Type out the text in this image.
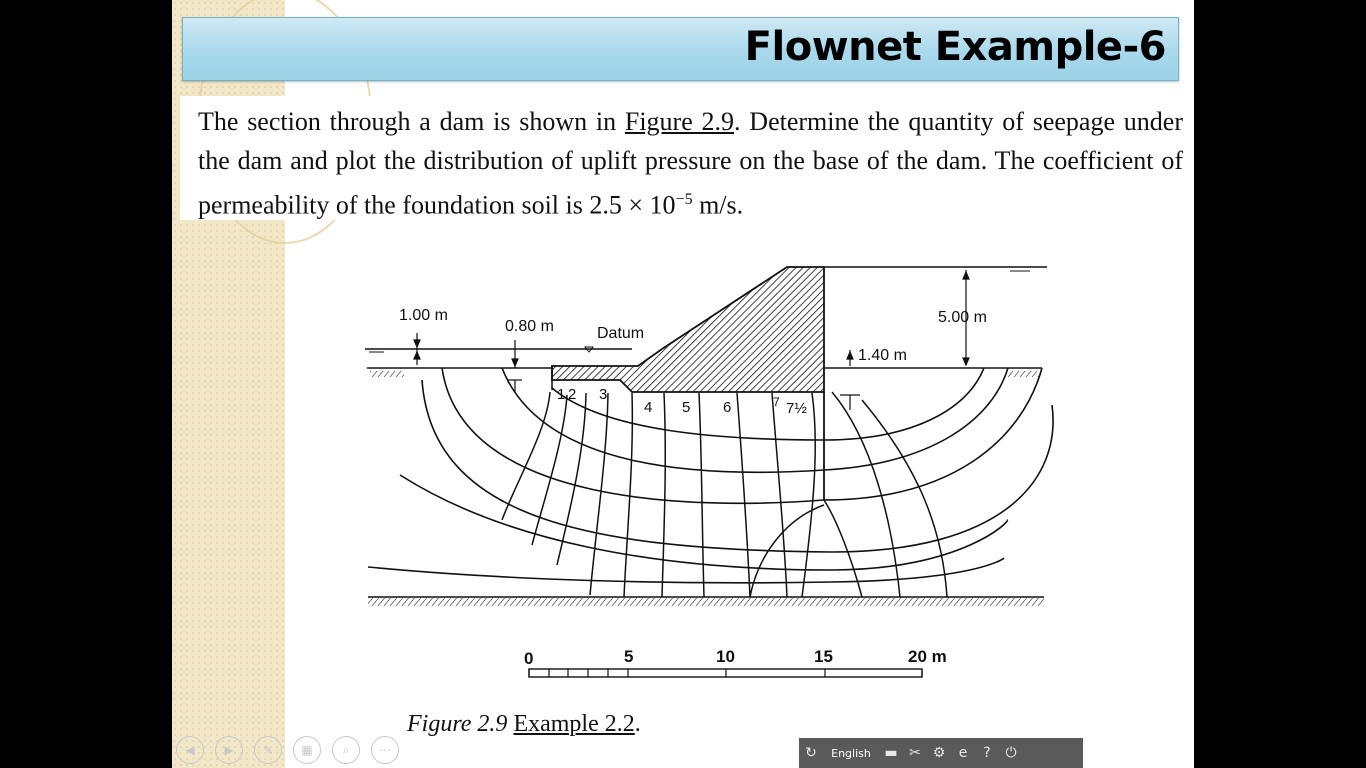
Flownet Example-6

The section through a dam is shown in Figure 2.9. Determine the quantity of seepage under the dam and plot the distribution of uplift pressure on the base of the dam. The coefficient of permeability of the foundation soil is $2.5 \times 10^{-5}$ m/s.

1.00 m
0.80 m	Datum
5.00 m
1.40 m
1 2 3
4 5 6	7 7½
0	5	10	15	20 m
Figure 2.9 Example 2.2.
◀	▶	✎	▦	⌕	⋯	↻	English ▬ ✂ ⚙ e	?	⏻
